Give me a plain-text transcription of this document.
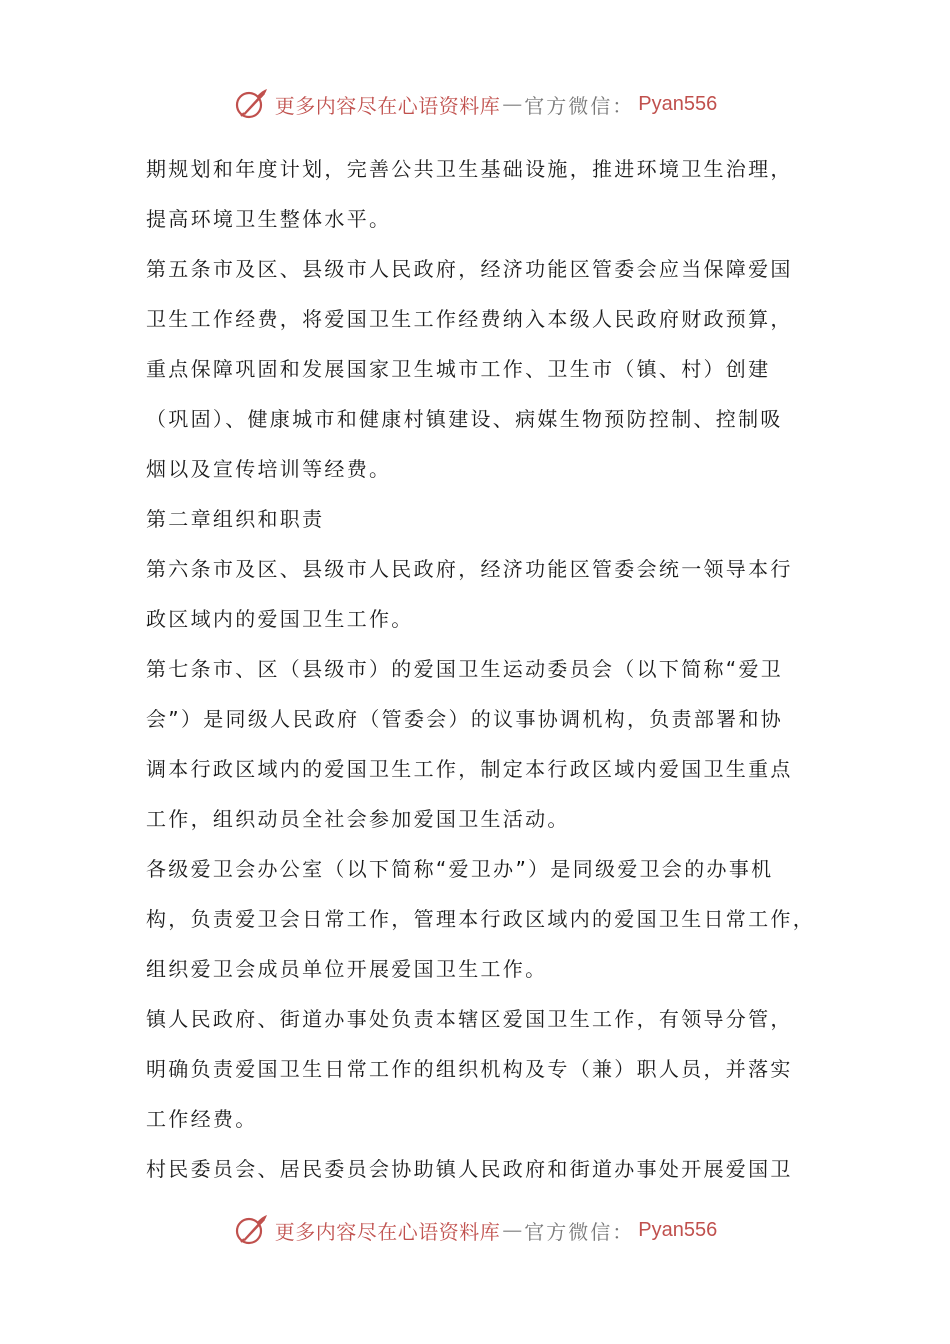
更多内容尽在心语资料库 — 官方微信： Pyan556
期规划和年度计划，完善公共卫生基础设施，推进环境卫生治理，
提高环境卫生整体水平。
第五条市及区、县级市人民政府，经济功能区管委会应当保障爱国
卫生工作经费，将爱国卫生工作经费纳入本级人民政府财政预算，
重点保障巩固和发展国家卫生城市工作、卫生市（镇、村）创建
（巩固）、健康城市和健康村镇建设、病媒生物预防控制、控制吸
烟以及宣传培训等经费。
第二章组织和职责
第六条市及区、县级市人民政府，经济功能区管委会统一领导本行
政区域内的爱国卫生工作。
第七条市、区（县级市）的爱国卫生运动委员会（以下简称“爱卫
会”）是同级人民政府（管委会）的议事协调机构，负责部署和协
调本行政区域内的爱国卫生工作，制定本行政区域内爱国卫生重点
工作，组织动员全社会参加爱国卫生活动。
各级爱卫会办公室（以下简称“爱卫办”）是同级爱卫会的办事机
构，负责爱卫会日常工作，管理本行政区域内的爱国卫生日常工作，
组织爱卫会成员单位开展爱国卫生工作。
镇人民政府、街道办事处负责本辖区爱国卫生工作，有领导分管，
明确负责爱国卫生日常工作的组织机构及专（兼）职人员，并落实
工作经费。
村民委员会、居民委员会协助镇人民政府和街道办事处开展爱国卫
更多内容尽在心语资料库 — 官方微信： Pyan556
